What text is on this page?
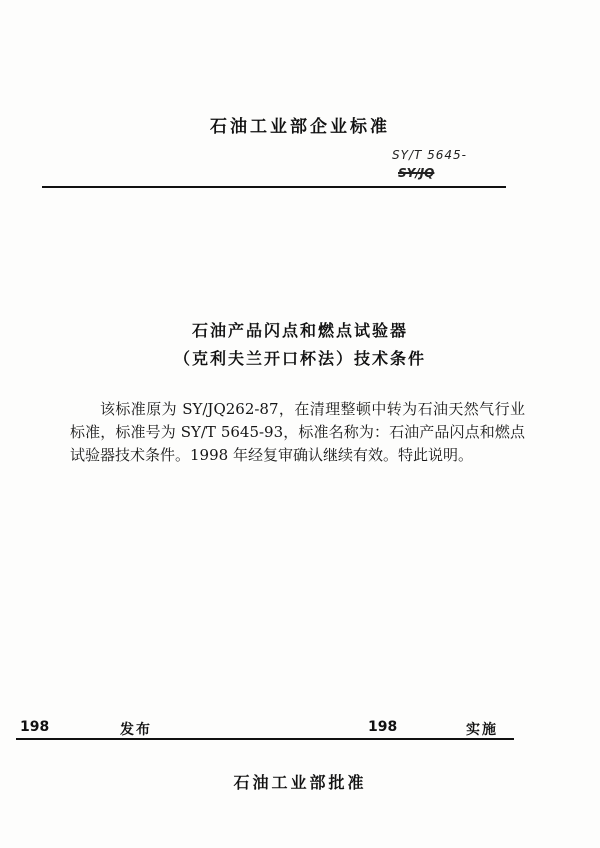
石油工业部企业标准
SY/T 5645-
SY/JQ
石油产品闪点和燃点试验器
（克利夫兰开口杯法）技术条件
该标准原为 SY/JQ262-87，在清理整顿中转为石油天然气行业标准，标准号为 SY/T 5645-93，标准名称为：石油产品闪点和燃点试验器技术条件。1998 年经复审确认继续有效。特此说明。
198	发布	198	实施
石油工业部批准
